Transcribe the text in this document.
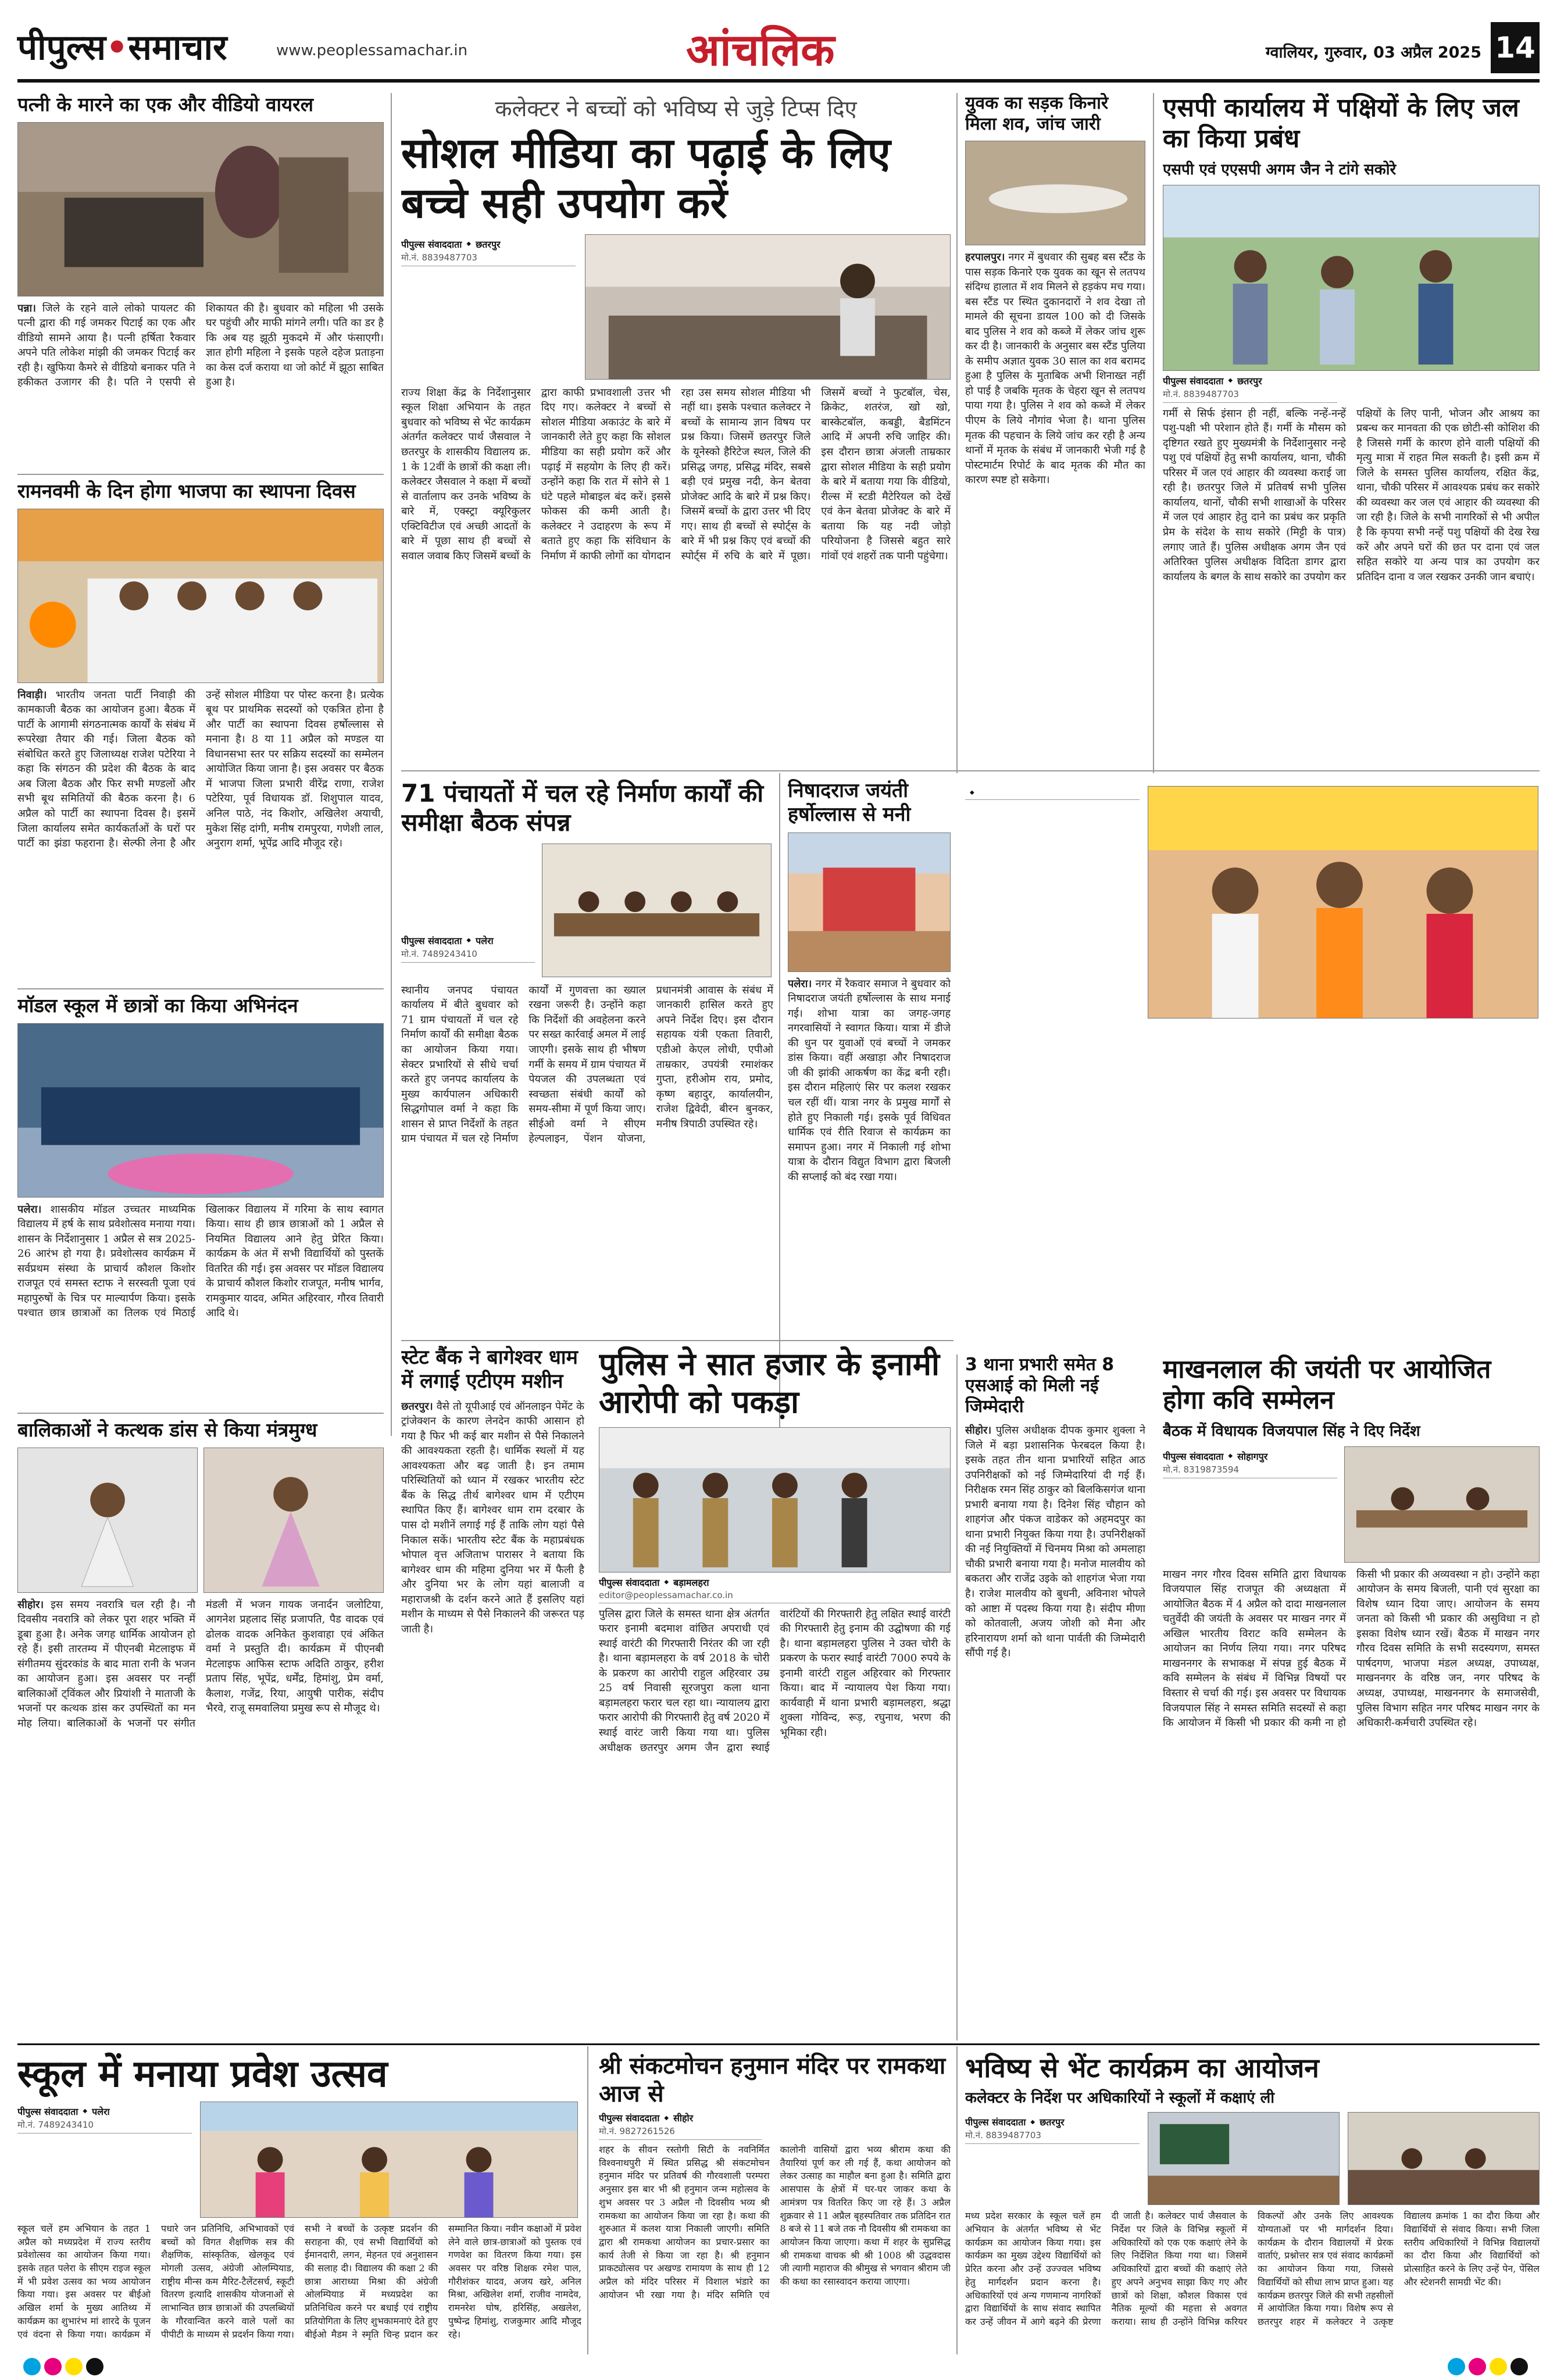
पीपुल्स•समाचार	www.peoplessamachar.in	आंचलिक	ग्वालियर, गुरुवार, 03 अप्रैल 2025 14
पत्नी के मारने का एक और वीडियो वायरल
पन्ना। जिले के रहने वाले लोको पायलट की पत्नी द्वारा की गई जमकर पिटाई का एक और वीडियो सामने आया है। पत्नी हर्षिता रैकवार अपने पति लोकेश मांझी की जमकर पिटाई कर रही है। खुफिया कैमरे से वीडियो बनाकर पति ने हकीकत उजागर की है। पति ने एसपी से शिकायत की है। बुधवार को महिला भी उसके घर पहुंची और माफी मांगने लगी। पति का डर है कि अब यह झूठी मुकदमे में और फंसाएगी। ज्ञात होगी महिला ने इसके पहले दहेज प्रताड़ना का केस दर्ज कराया था जो कोर्ट में झूठा साबित हुआ है।
रामनवमी के दिन होगा भाजपा का स्थापना दिवस
निवाड़ी। भारतीय जनता पार्टी निवाड़ी की कामकाजी बैठक का आयोजन हुआ। बैठक में पार्टी के आगामी संगठनात्मक कार्यों के संबंध में रूपरेखा तैयार की गई। जिला बैठक को संबोधित करते हुए जिलाध्यक्ष राजेश पटेरिया ने कहा कि संगठन की प्रदेश की बैठक के बाद अब जिला बैठक और फिर सभी मण्डलों और सभी बूथ समितियों की बैठक करना है। 6 अप्रैल को पार्टी का स्थापना दिवस है। इसमें जिला कार्यालय समेत कार्यकर्ताओं के घरों पर पार्टी का झंडा फहराना है। सेल्फी लेना है और उन्हें सोशल मीडिया पर पोस्ट करना है। प्रत्येक बूथ पर प्राथमिक सदस्यों को एकत्रित होना है और पार्टी का स्थापना दिवस हर्षोल्लास से मनाना है। 8 या 11 अप्रैल को मण्डल या विधानसभा स्तर पर सक्रिय सदस्यों का सम्मेलन आयोजित किया जाना है। इस अवसर पर बैठक में भाजपा जिला प्रभारी वीरेंद्र राणा, राजेश पटेरिया, पूर्व विधायक डॉ. शिशुपाल यादव, अनिल पाठे, नंद किशोर, अखिलेश अयाची, मुकेश सिंह दांगी, मनीष रामपुरया, गणेशी लाल, अनुराग शर्मा, भूपेंद्र आदि मौजूद रहे।
मॉडल स्कूल में छात्रों का किया अभिनंदन
पलेरा। शासकीय मॉडल उच्चतर माध्यमिक विद्यालय में हर्ष के साथ प्रवेशोत्सव मनाया गया। शासन के निर्देशानुसार 1 अप्रैल से सत्र 2025-26 आरंभ हो गया है। प्रवेशोत्सव कार्यक्रम में सर्वप्रथम संस्था के प्राचार्य कौशल किशोर राजपूत एवं समस्त स्टाफ ने सरस्वती पूजा एवं महापुरुषों के चित्र पर माल्यार्पण किया। इसके पश्चात छात्र छात्राओं का तिलक एवं मिठाई खिलाकर विद्यालय में गरिमा के साथ स्वागत किया। साथ ही छात्र छात्राओं को 1 अप्रैल से नियमित विद्यालय आने हेतु प्रेरित किया। कार्यक्रम के अंत में सभी विद्यार्थियों को पुस्तकें वितरित की गई। इस अवसर पर मॉडल विद्यालय के प्राचार्य कौशल किशोर राजपूत, मनीष भार्गव, रामकुमार यादव, अमित अहिरवार, गौरव तिवारी आदि थे।
बालिकाओं ने कत्थक डांस से किया मंत्रमुग्ध
सीहोर। इस समय नवरात्रि चल रही है। नौ दिवसीय नवरात्रि को लेकर पूरा शहर भक्ति में डूबा हुआ है। अनेक जगह धार्मिक आयोजन हो रहे हैं। इसी तारतम्य में पीएनबी मेटलाइफ में संगीतमय सुंदरकांड के बाद माता रानी के भजन का आयोजन हुआ। इस अवसर पर नन्हीं बालिकाओं ट्विंकल और प्रियांशी ने माताजी के भजनों पर कत्थक डांस कर उपस्थितों का मन मोह लिया। बालिकाओं के भजनों पर संगीत मंडली में भजन गायक जनार्दन जलोटिया, आगनेश प्रहलाद सिंह प्रजापति, पैड वादक एवं ढोलक वादक अनिकेत कुशवाहा एवं अंकित वर्मा ने प्रस्तुति दी। कार्यक्रम में पीएनबी मेटलाइफ आफिस स्टाफ अदिति ठाकुर, हरीश प्रताप सिंह, भूपेंद्र, धर्मेंद्र, हिमांशु, प्रेम वर्मा, कैलाश, गजेंद्र, रिया, आयुषी पारीक, संदीप भैरवे, राजू समवालिया प्रमुख रूप से मौजूद थे।
कलेक्टर ने बच्चों को भविष्य से जुड़े टिप्स दिए
सोशल मीडिया का पढ़ाई के लिए बच्चे सही उपयोग करें
पीपुल्स संवाददाता ◆ छतरपुर
मो.नं. 8839487703
राज्य शिक्षा केंद्र के निर्देशानुसार स्कूल शिक्षा अभियान के तहत बुधवार को भविष्य से भेंट कार्यक्रम अंतर्गत कलेक्टर पार्थ जैसवाल ने छतरपुर के शासकीय विद्यालय क्र. 1 के 12वीं के छात्रों की कक्षा ली। कलेक्टर जैसवाल ने कक्षा में बच्चों से वार्तालाप कर उनके भविष्य के बारे में, एक्स्ट्रा क्यूरिकुलर एक्टिविटीज एवं अच्छी आदतों के बारे में पूछा साथ ही बच्चों से सवाल जवाब किए जिसमें बच्चों के द्वारा काफी प्रभावशाली उत्तर भी दिए गए। कलेक्टर ने बच्चों से सोशल मीडिया अकाउंट के बारे में जानकारी लेते हुए कहा कि सोशल मीडिया का सही प्रयोग करें और पढ़ाई में सहयोग के लिए ही करें। उन्होंने कहा कि रात में सोने से 1 घंटे पहले मोबाइल बंद करें। इससे फोकस की कमी आती है। कलेक्टर ने उदाहरण के रूप में बताते हुए कहा कि संविधान के निर्माण में काफी लोगों का योगदान रहा उस समय सोशल मीडिया भी नहीं था। इसके पश्चात कलेक्टर ने बच्चों के सामान्य ज्ञान विषय पर प्रश्न किया। जिसमें छतरपुर जिले के यूनेस्को हैरिटेज स्थल, जिले की प्रसिद्ध जगह, प्रसिद्ध मंदिर, सबसे बड़ी एवं प्रमुख नदी, केन बेतवा प्रोजेक्ट आदि के बारे में प्रश्न किए। जिसमें बच्चों के द्वारा उत्तर भी दिए गए। साथ ही बच्चों से स्पोर्ट्स के बारे में भी प्रश्न किए एवं बच्चों की स्पोर्ट्स में रुचि के बारे में पूछा। जिसमें बच्चों ने फुटबॉल, चेस, क्रिकेट, शतरंज, खो खो, बास्केटबॉल, कबड्डी, बैडमिंटन आदि में अपनी रुचि जाहिर की। इस दौरान छात्रा अंजली ताम्रकार द्वारा सोशल मीडिया के सही प्रयोग के बारे में बताया गया कि वीडियो, रील्स में स्टडी मैटेरियल को देखें एवं केन बेतवा प्रोजेक्ट के बारे में बताया कि यह नदी जोड़ो परियोजना है जिससे बहुत सारे गांवों एवं शहरों तक पानी पहुंचेगा।
युवक का सड़क किनारे मिला शव, जांच जारी
हरपालपुर। नगर में बुधवार की सुबह बस स्टैंड के पास सड़क किनारे एक युवक का खून से लतपथ संदिग्ध हालात में शव मिलने से हड़कंप मच गया। बस स्टैंड पर स्थित दुकानदारों ने शव देखा तो मामले की सूचना डायल 100 को दी जिसके बाद पुलिस ने शव को कब्जे में लेकर जांच शुरू कर दी है। जानकारी के अनुसार बस स्टैंड पुलिया के समीप अज्ञात युवक 30 साल का शव बरामद हुआ है पुलिस के मुताबिक अभी शिनाख्त नहीं हो पाई है जबकि मृतक के चेहरा खून से लतपथ पाया गया है। पुलिस ने शव को कब्जे में लेकर पीएम के लिये नौगांव भेजा है। थाना पुलिस मृतक की पहचान के लिये जांच कर रही है अन्य थानों में मृतक के संबंध में जानकारी भेजी गई है पोस्टमार्टम रिपोर्ट के बाद मृतक की मौत का कारण स्पष्ट हो सकेगा।
एसपी कार्यालय में पक्षियों के लिए जल का किया प्रबंध
एसपी एवं एएसपी अगम जैन ने टांगे सकोरे
पीपुल्स संवाददाता ◆ छतरपुर
मो.नं. 8839487703
गर्मी से सिर्फ इंसान ही नहीं, बल्कि नन्हें-नन्हें पशु-पक्षी भी परेशान होते हैं। गर्मी के मौसम को दृष्टिगत रखते हुए मुख्यमंत्री के निर्देशानुसार नन्हे पशु एवं पक्षियों हेतु सभी कार्यालय, थाना, चौकी परिसर में जल एवं आहार की व्यवस्था कराई जा रही है। छतरपुर जिले में प्रतिवर्ष सभी पुलिस कार्यालय, थानों, चौकी सभी शाखाओं के परिसर में जल एवं आहार हेतु दाने का प्रबंध कर प्रकृति प्रेम के संदेश के साथ सकोरे (मिट्टी के पात्र) लगाए जाते हैं। पुलिस अधीक्षक अगम जैन एवं अतिरिक्त पुलिस अधीक्षक विदिता डागर द्वारा कार्यालय के बगल के साथ सकोरे का उपयोग कर पक्षियों के लिए पानी, भोजन और आश्रय का प्रबन्ध कर मानवता की एक छोटी-सी कोशिश की है जिससे गर्मी के कारण होने वाली पक्षियों की मृत्यु मात्रा में राहत मिल सकती है। इसी क्रम में जिले के समस्त पुलिस कार्यालय, रक्षित केंद्र, थाना, चौकी परिसर में आवश्यक प्रबंध कर सकोरे की व्यवस्था कर जल एवं आहार की व्यवस्था की जा रही है। जिले के सभी नागरिकों से भी अपील है कि कृपया सभी नन्हें पशु पक्षियों की देख रेख करें और अपने घरों की छत पर दाना एवं जल सहित सकोरे या अन्य पात्र का उपयोग कर प्रतिदिन दाना व जल रखकर उनकी जान बचाएं।
71 पंचायतों में चल रहे निर्माण कार्यों की समीक्षा बैठक संपन्न
पीपुल्स संवाददाता ◆ पलेरा
मो.नं. 7489243410
स्थानीय जनपद पंचायत कार्यालय में बीते बुधवार को 71 ग्राम पंचायतों में चल रहे निर्माण कार्यों की समीक्षा बैठक का आयोजन किया गया। सेक्टर प्रभारियों से सीधे चर्चा करते हुए जनपद कार्यालय के मुख्य कार्यपालन अधिकारी सिद्धगोपाल वर्मा ने कहा कि शासन से प्राप्त निर्देशों के तहत ग्राम पंचायत में चल रहे निर्माण कार्यों में गुणवत्ता का ख्याल रखना जरूरी है। उन्होंने कहा कि निर्देशों की अवहेलना करने पर सख्त कार्रवाई अमल में लाई जाएगी। इसके साथ ही भीषण गर्मी के समय में ग्राम पंचायत में पेयजल की उपलब्धता एवं स्वच्छता संबंधी कार्यों को समय-सीमा में पूर्ण किया जाए। सीईओ वर्मा ने सीएम हेल्पलाइन, पेंशन योजना, प्रधानमंत्री आवास के संबंध में जानकारी हासिल करते हुए अपने निर्देश दिए। इस दौरान सहायक यंत्री एकता तिवारी, एडीओ केएल लोधी, एपीओ ताम्रकार, उपयंत्री रमाशंकर गुप्ता, हरीओम राय, प्रमोद, कृष्ण बहादुर, कार्यालयीन, राजेश द्विवेदी, बीरन बुनकर, मनीष त्रिपाठी उपस्थित रहे।
निषादराज जयंती हर्षोल्लास से मनी
पलेरा। नगर में रैकवार समाज ने बुधवार को निषादराज जयंती हर्षोल्लास के साथ मनाई गई। शोभा यात्रा का जगह-जगह नगरवासियों ने स्वागत किया। यात्रा में डीजे की धुन पर युवाओं एवं बच्चों ने जमकर डांस किया। वहीं अखाड़ा और निषादराज जी की झांकी आकर्षण का केंद्र बनी रही। इस दौरान महिलाएं सिर पर कलश रखकर चल रहीं थीं। यात्रा नगर के प्रमुख मार्गों से होते हुए निकाली गई। इसके पूर्व विधिवत धार्मिक एवं रीति रिवाज से कार्यक्रम का समापन हुआ। नगर में निकाली गई शोभा यात्रा के दौरान विद्युत विभाग द्वारा बिजली की सप्लाई को बंद रखा गया।
◆
स्टेट बैंक ने बागेश्वर धाम में लगाई एटीएम मशीन
छतरपुर। वैसे तो यूपीआई एवं ऑनलाइन पेमेंट के ट्रांजेक्शन के कारण लेनदेन काफी आसान हो गया है फिर भी कई बार मशीन से पैसे निकालने की आवश्यकता रहती है। धार्मिक स्थलों में यह आवश्यकता और बढ़ जाती है। इन तमाम परिस्थितियों को ध्यान में रखकर भारतीय स्टेट बैंक के सिद्ध तीर्थ बागेश्वर धाम में एटीएम स्थापित किए हैं। बागेश्वर धाम राम दरबार के पास दो मशीनें लगाई गई हैं ताकि लोग यहां पैसे निकाल सकें। भारतीय स्टेट बैंक के महाप्रबंधक भोपाल वृत्त अजिताभ पारासर ने बताया कि बागेश्वर धाम की महिमा दुनिया भर में फैली है और दुनिया भर के लोग यहां बालाजी व महाराजश्री के दर्शन करने आते हैं इसलिए यहां मशीन के माध्यम से पैसे निकालने की जरूरत पड़ जाती है।
पुलिस ने सात हजार के इनामी आरोपी को पकड़ा
पीपुल्स संवाददाता ◆ बड़ामलहरा
editor@peoplessamachar.co.in
पुलिस द्वारा जिले के समस्त थाना क्षेत्र अंतर्गत फरार इनामी बदमाश वांछित अपराधी एवं स्थाई वारंटी की गिरफ्तारी निरंतर की जा रही है। थाना बड़ामलहरा के वर्ष 2018 के चोरी के प्रकरण का आरोपी राहुल अहिरवार उम्र 25 वर्ष निवासी सूरजपुरा कला थाना बड़ामलहरा फरार चल रहा था। न्यायालय द्वारा फरार आरोपी की गिरफ्तारी हेतु वर्ष 2020 में स्थाई वारंट जारी किया गया था। पुलिस अधीक्षक छतरपुर अगम जैन द्वारा स्थाई वारंटियों की गिरफ्तारी हेतु लक्षित स्थाई वारंटी की गिरफ्तारी हेतु इनाम की उद्घोषणा की गई है। थाना बड़ामलहरा पुलिस ने उक्त चोरी के प्रकरण के फरार स्थाई वारंटी 7000 रुपये के इनामी वारंटी राहुल अहिरवार को गिरफ्तार किया। बाद में न्यायालय पेश किया गया। कार्यवाही में थाना प्रभारी बड़ामलहरा, श्रद्धा शुक्ला गोविन्द, रूड़, रघुनाथ, भरण की भूमिका रही।
3 थाना प्रभारी समेत 8 एसआई को मिली नई जिम्मेदारी
सीहोर। पुलिस अधीक्षक दीपक कुमार शुक्ला ने जिले में बड़ा प्रशासनिक फेरबदल किया है। इसके तहत तीन थाना प्रभारियों सहित आठ उपनिरीक्षकों को नई जिम्मेदारियां दी गई हैं। निरीक्षक रमन सिंह ठाकुर को बिलकिसगंज थाना प्रभारी बनाया गया है। दिनेश सिंह चौहान को शाहगंज और पंकज वाडेकर को अहमदपुर का थाना प्रभारी नियुक्त किया गया है। उपनिरीक्षकों की नई नियुक्तियों में चिनमय मिश्रा को अमलाहा चौकी प्रभारी बनाया गया है। मनोज मालवीय को बकतरा और राजेंद्र उइके को शाहगंज भेजा गया है। राजेश मालवीय को बुधनी, अविनाश भोपले को आष्टा में पदस्थ किया गया है। संदीप मीणा को कोतवाली, अजय जोशी को मैना और हरिनारायण शर्मा को थाना पार्वती की जिम्मेदारी सौंपी गई है।
माखनलाल की जयंती पर आयोजित होगा कवि सम्मेलन
बैठक में विधायक विजयपाल सिंह ने दिए निर्देश
पीपुल्स संवाददाता ◆ सोहागपुर
मो.नं. 8319873594
माखन नगर गौरव दिवस समिति द्वारा विधायक विजयपाल सिंह राजपूत की अध्यक्षता में आयोजित बैठक में 4 अप्रैल को दादा माखनलाल चतुर्वेदी की जयंती के अवसर पर माखन नगर में अखिल भारतीय विराट कवि सम्मेलन के आयोजन का निर्णय लिया गया। नगर परिषद माखननगर के सभाकक्ष में संपन्न हुई बैठक में कवि सम्मेलन के संबंध में विभिन्न विषयों पर विस्तार से चर्चा की गई। इस अवसर पर विधायक विजयपाल सिंह ने समस्त समिति सदस्यों से कहा कि आयोजन में किसी भी प्रकार की कमी ना हो किसी भी प्रकार की अव्यवस्था न हो। उन्होंने कहा आयोजन के समय बिजली, पानी एवं सुरक्षा का विशेष ध्यान दिया जाए। आयोजन के समय जनता को किसी भी प्रकार की असुविधा न हो इसका विशेष ध्यान रखें। बैठक में माखन नगर गौरव दिवस समिति के सभी सदस्यगण, समस्त पार्षदगण, भाजपा मंडल अध्यक्ष, उपाध्यक्ष, माखननगर के वरिष्ठ जन, नगर परिषद के अध्यक्ष, उपाध्यक्ष, माखननगर के समाजसेवी, पुलिस विभाग सहित नगर परिषद माखन नगर के अधिकारी-कर्मचारी उपस्थित रहे।
स्कूल में मनाया प्रवेश उत्सव
पीपुल्स संवाददाता ◆ पलेरा
मो.नं. 7489243410
स्कूल चलें हम अभियान के तहत 1 अप्रैल को मध्यप्रदेश में राज्य स्तरीय प्रवेशोत्सव का आयोजन किया गया। इसके तहत पलेरा के सीएम राइज स्कूल में भी प्रवेश उत्सव का भव्य आयोजन किया गया। इस अवसर पर बीईओ अखिल शर्मा के मुख्य आतिथ्य में कार्यक्रम का शुभारंभ मां शारदे के पूजन एवं वंदना से किया गया। कार्यक्रम में पधारे जन प्रतिनिधि, अभिभावकों एवं बच्चों को विगत शैक्षणिक सत्र की शैक्षणिक, सांस्कृतिक, खेलकूद एवं मोगली उत्सव, अंग्रेजी ओलम्पियाड, राष्ट्रीय मीन्स कम मैरिट-टैलेंटसर्च, स्कूटी वितरण इत्यादि शासकीय योजनाओं से लाभान्वित छात्र छात्राओं की उपलब्धियों के गौरवान्वित करने वाले पलों का पीपीटी के माध्यम से प्रदर्शन किया गया। सभी ने बच्चों के उत्कृष्ट प्रदर्शन की सराहना की, एवं सभी विद्यार्थियों को ईमानदारी, लगन, मेहनत एवं अनुशासन की सलाह दी। विद्यालय की कक्षा 2 की छात्रा आराध्या मिश्रा की अंग्रेजी ओलम्पियाड में मध्यप्रदेश का प्रतिनिधित्व करने पर बधाई एवं राष्ट्रीय प्रतियोगिता के लिए शुभकामनाएं देते हुए बीईओ मैडम ने स्मृति चिन्ह प्रदान कर सम्मानित किया। नवीन कक्षाओं में प्रवेश लेने वाले छात्र-छात्राओं को पुस्तक एवं गणवेश का वितरण किया गया। इस अवसर पर वरिष्ठ शिक्षक रमेश पाल, गौरीशंकर यादव, अजय खरे, अनिल मिश्रा, अखिलेश शर्मा, राजीव नामदेव, रामनरेश घोष, हरिसिंह, अखलेश, पुष्पेन्द्र हिमांशु, राजकुमार आदि मौजूद रहे।
श्री संकटमोचन हनुमान मंदिर पर रामकथा आज से
पीपुल्स संवाददाता ◆ सीहोर
मो.नं. 9827261526
शहर के सीवन रस्तोगी सिटी के नवनिर्मित विश्वनाथपुरी में स्थित प्रसिद्ध श्री संकटमोचन हनुमान मंदिर पर प्रतिवर्ष की गौरवशाली परम्परा अनुसार इस बार भी श्री हनुमान जन्म महोत्सव के शुभ अवसर पर 3 अप्रैल नौ दिवसीय भव्य श्री रामकथा का आयोजन किया जा रहा है। कथा की शुरुआत में कलश यात्रा निकाली जाएगी। समिति द्वारा श्री रामकथा आयोजन का प्रचार-प्रसार का कार्य तेजी से किया जा रहा है। श्री हनुमान प्राकट्योत्सव पर अखण्ड रामायण के साथ ही 12 अप्रैल को मंदिर परिसर में विशाल भंडारे का आयोजन भी रखा गया है। मंदिर समिति एवं कालोनी वासियों द्वारा भव्य श्रीराम कथा की तैयारियां पूर्ण कर ली गई हैं, कथा आयोजन को लेकर उत्साह का माहौल बना हुआ है। समिति द्वारा आसपास के क्षेत्रों में घर-घर जाकर कथा के आमंत्रण पत्र वितरित किए जा रहे हैं। 3 अप्रैल शुक्रवार से 11 अप्रैल बृहस्पतिवार तक प्रतिदिन रात 8 बजे से 11 बजे तक नौ दिवसीय श्री रामकथा का आयोजन किया जाएगा। कथा में शहर के सुप्रसिद्ध श्री रामकथा वाचक श्री श्री 1008 श्री उद्धवदास जी त्यागी महाराज की श्रीमुख से भगवान श्रीराम जी की कथा का रसास्वादन कराया जाएगा।
भविष्य से भेंट कार्यक्रम का आयोजन
कलेक्टर के निर्देश पर अधिकारियों ने स्कूलों में कक्षाएं ली
पीपुल्स संवाददाता ◆ छतरपुर
मो.नं. 8839487703
मध्य प्रदेश सरकार के स्कूल चलें हम अभियान के अंतर्गत भविष्य से भेंट कार्यक्रम का आयोजन किया गया। इस कार्यक्रम का मुख्य उद्देश्य विद्यार्थियों को प्रेरित करना और उन्हें उज्ज्वल भविष्य हेतु मार्गदर्शन प्रदान करना है। अधिकारियों एवं अन्य गणमान्य नागरिकों द्वारा विद्यार्थियों के साथ संवाद स्थापित कर उन्हें जीवन में आगे बढ़ने की प्रेरणा दी जाती है। कलेक्टर पार्थ जैसवाल के निर्देश पर जिले के विभिन्न स्कूलों में अधिकारियों को एक एक कक्षाएं लेने के लिए निर्देशित किया गया था। जिसमें अधिकारियों द्वारा बच्चों की कक्षाएं लेते हुए अपने अनुभव साझा किए गए और छात्रों को शिक्षा, कौशल विकास एवं नैतिक मूल्यों की महत्ता से अवगत कराया। साथ ही उन्होंने विभिन्न करियर विकल्पों और उनके लिए आवश्यक योग्यताओं पर भी मार्गदर्शन दिया। कार्यक्रम के दौरान विद्यालयों में प्रेरक वार्ताएं, प्रश्नोत्तर सत्र एवं संवाद कार्यक्रमों का आयोजन किया गया, जिससे विद्यार्थियों को सीधा लाभ प्राप्त हुआ। यह कार्यक्रम छतरपुर जिले की सभी तहसीलों में आयोजित किया गया। विशेष रूप से छतरपुर शहर में कलेक्टर ने उत्कृष्ट विद्यालय क्रमांक 1 का दौरा किया और विद्यार्थियों से संवाद किया। सभी जिला स्तरीय अधिकारियों ने विभिन्न विद्यालयों का दौरा किया और विद्यार्थियों को प्रोत्साहित करने के लिए उन्हें पेन, पेंसिल और स्टेशनरी सामग्री भेंट की।
